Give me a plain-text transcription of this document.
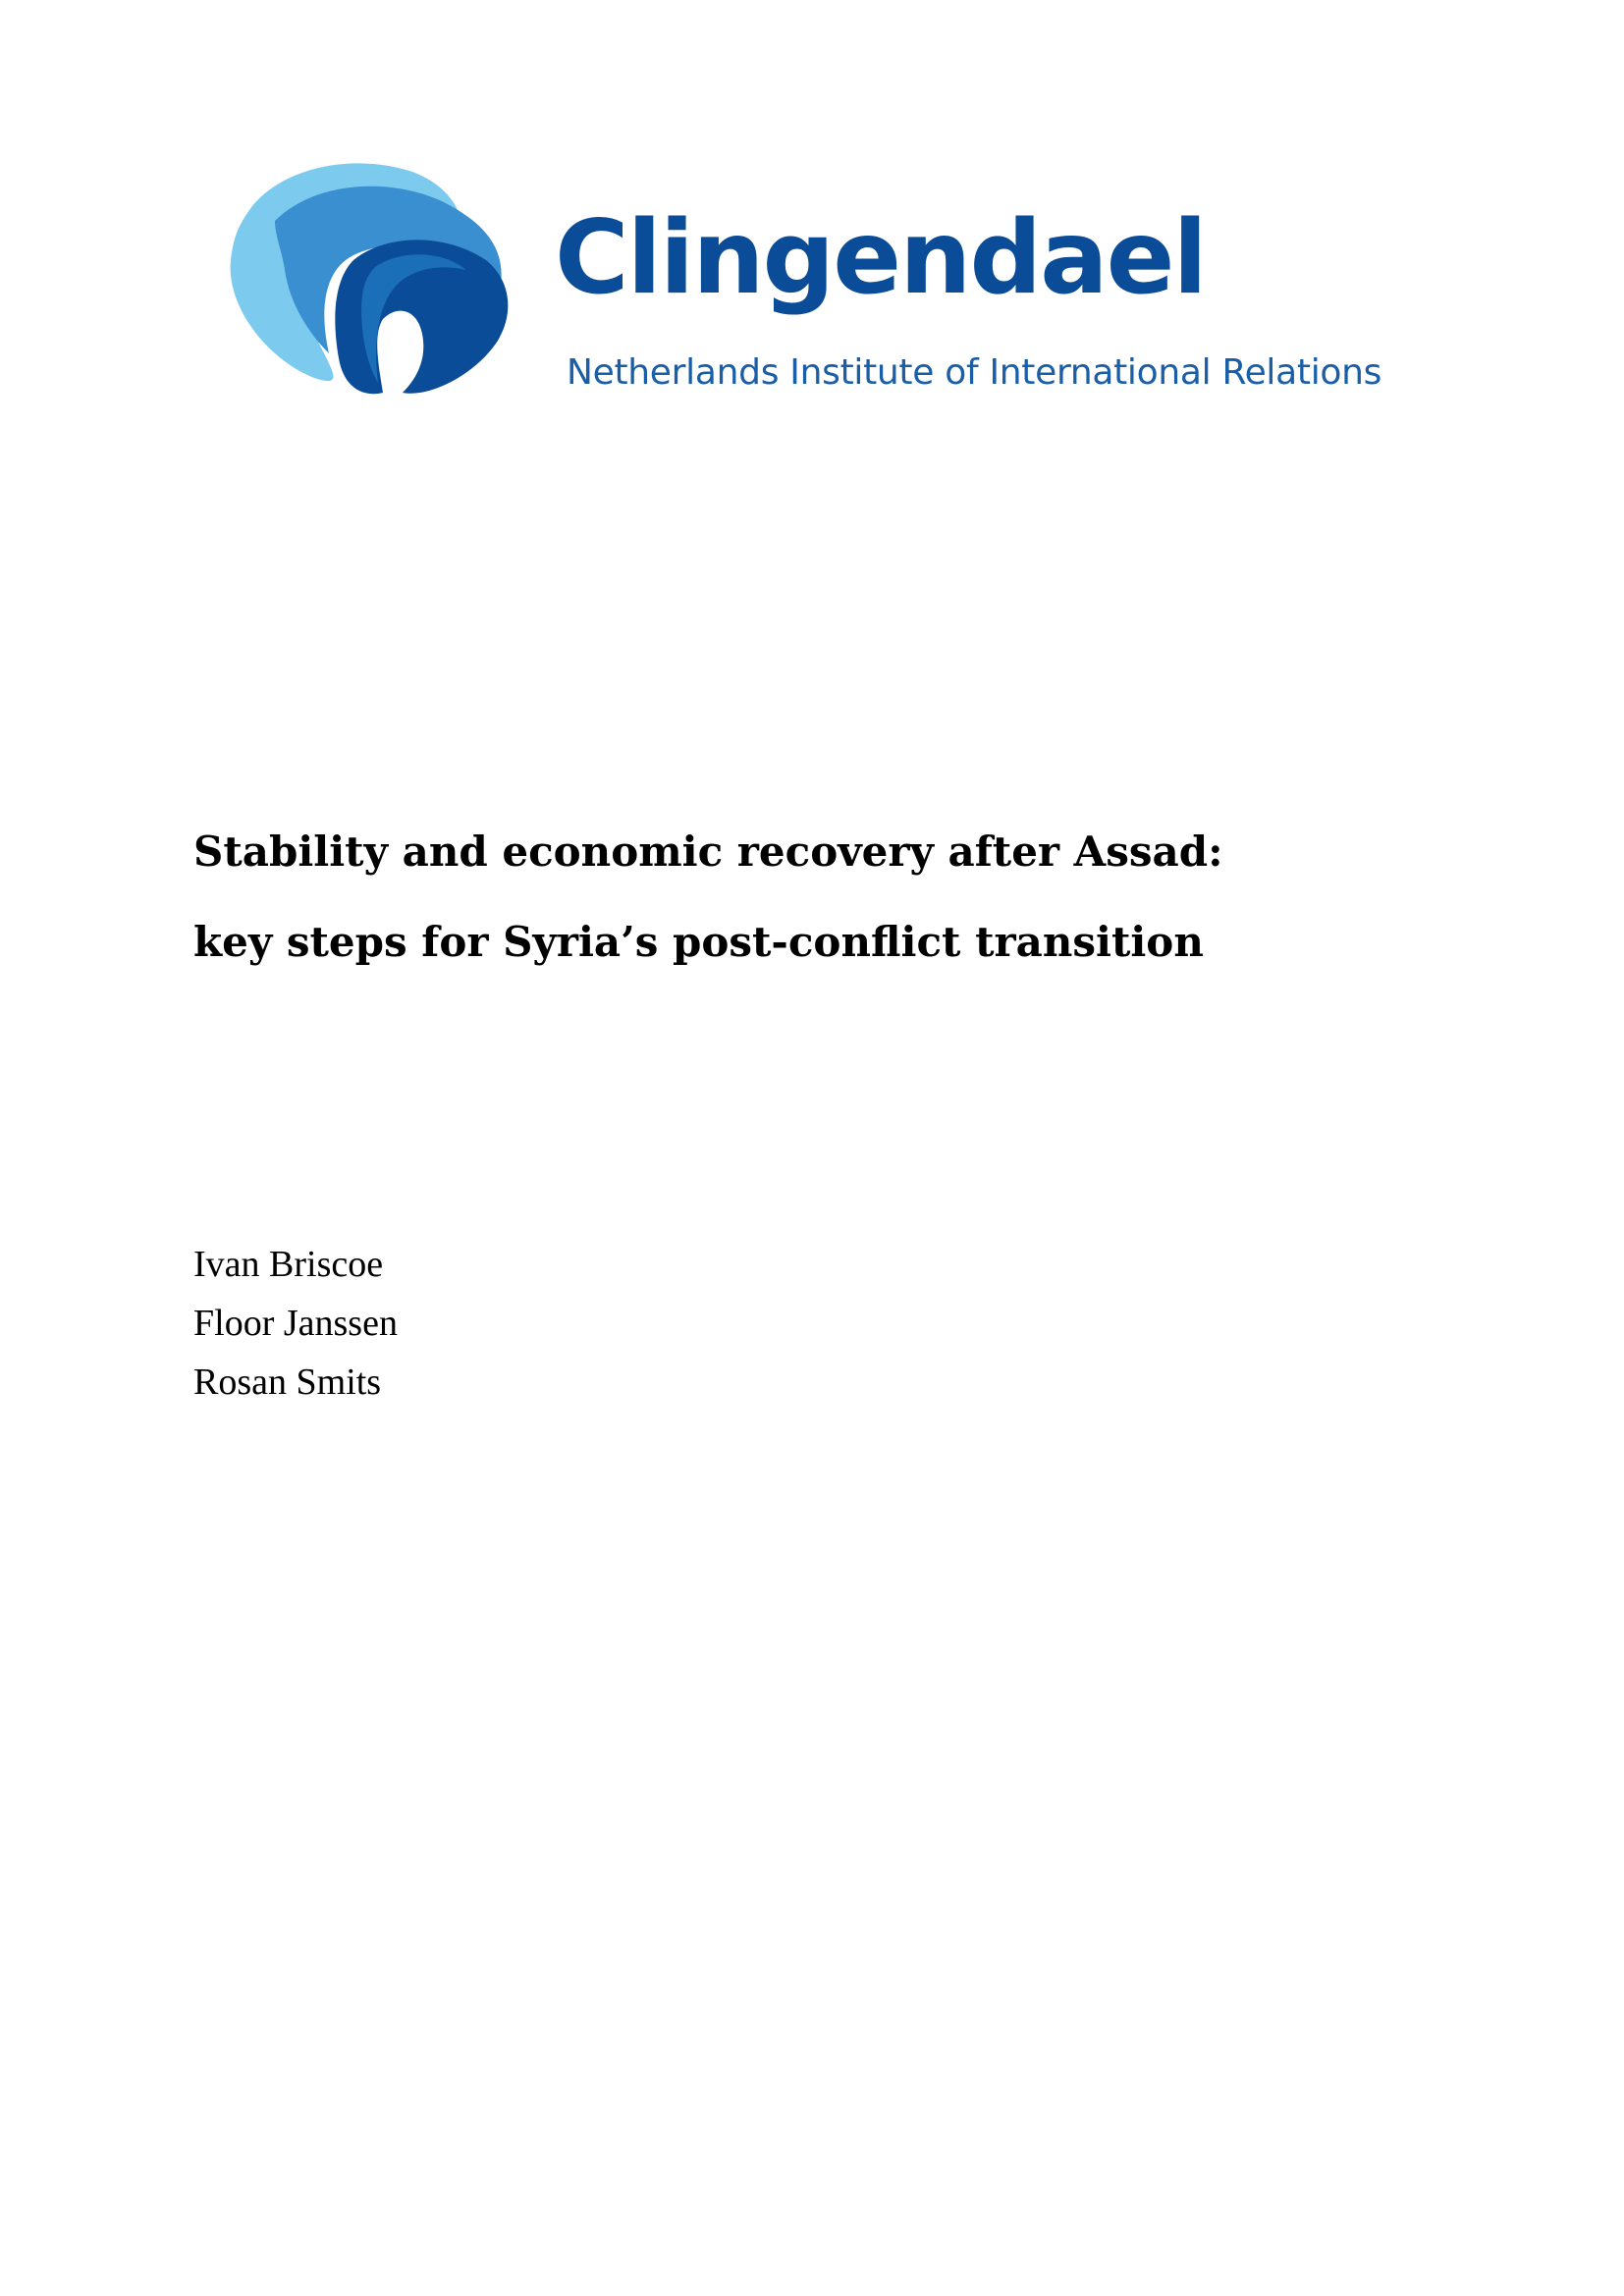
Clingendael
Netherlands Institute of International Relations
Stability and economic recovery after Assad:
key steps for Syria’s post-conflict transition
Ivan Briscoe
Floor Janssen
Rosan Smits
